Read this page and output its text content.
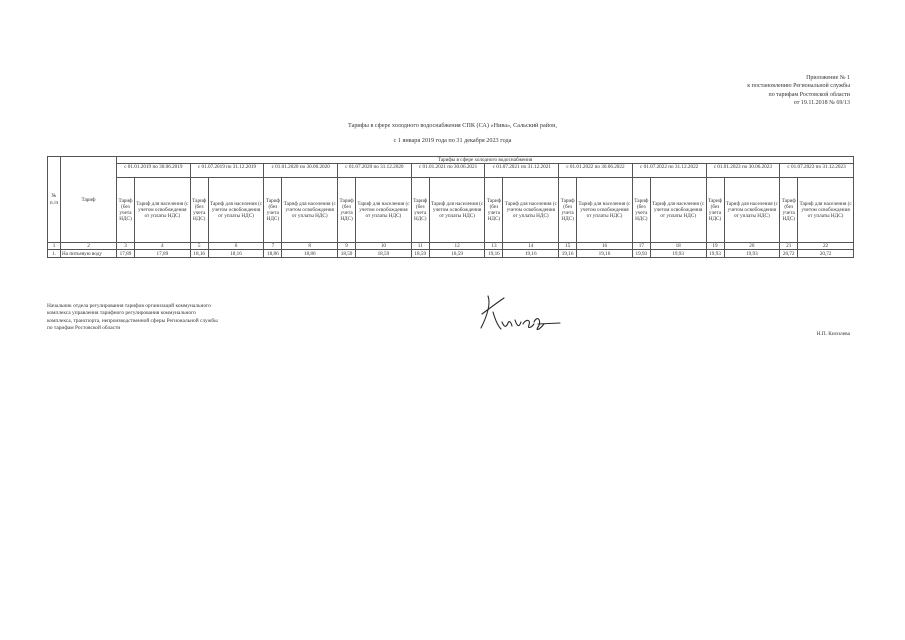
Приложение № 1
к постановлению Региональной службы
по тарифам Ростовской области
от 19.11.2018 № 69/13
Тарифы в сфере холодного водоснабжения СПК (СА) «Нива», Сальский район,
с 1 января 2019 года по 31 декабря 2023 года
№ п./п	Тариф	Тарифы в сфере холодного водоснабжения																			
		с 01.01.2019 по 30.06.2019		с 01.07.2019 по 31.12.2019		с 01.01.2020 по 30.06.2020		с 01.07.2020 по 31.12.2020		с 01.01.2021 по 30.06.2021		с 01.07.2021 по 31.12.2021		с 01.01.2022 по 30.06.2022		с 01.07.2022 по 31.12.2022		с 01.01.2023 по 30.06.2023		с 01.07.2023 по 31.12.2023	
		Тариф (без учета НДС)	Тариф для населения (с учетом освобождения от уплаты НДС)	Тариф (без учета НДС)	Тариф для населения (с учетом освобождения от уплаты НДС)	Тариф (без учета НДС)	Тариф для населения (с учетом освобождения от уплаты НДС)	Тариф (без учета НДС)	Тариф для населения (с учетом освобождения от уплаты НДС)	Тариф (без учета НДС)	Тариф для населения (с учетом освобождения от уплаты НДС)	Тариф (без учета НДС)	Тариф для населения (с учетом освобождения от уплаты НДС)	Тариф (без учета НДС)	Тариф для населения (с учетом освобождения от уплаты НДС)	Тариф (без учета НДС)	Тариф для населения (с учетом освобождения от уплаты НДС)	Тариф (без учета НДС)	Тариф для населения (с учетом освобождения от уплаты НДС)	Тариф (без учета НДС)	Тариф для населения (с учетом освобождения от уплаты НДС)
1	2	3	4	5	6	7	8	9	10	11	12	13	14	15	16	17	18	19	20	21	22
1.	На питьевую воду	17,89	17,89	18,16	18,16	18,86	18,86	18,59	18,59	18,59	18,59	19,16	19,16	19,16	19,16	19,93	19,93	19,93	19,93	20,72	20,72
Начальник отдела регулирования тарифов организаций коммунального
комплекса управления тарифного регулирования коммунального
комплекса, транспорта, непроизводственной сферы Региональной службы
по тарифам Ростовской области
Н.П. Кисилева
